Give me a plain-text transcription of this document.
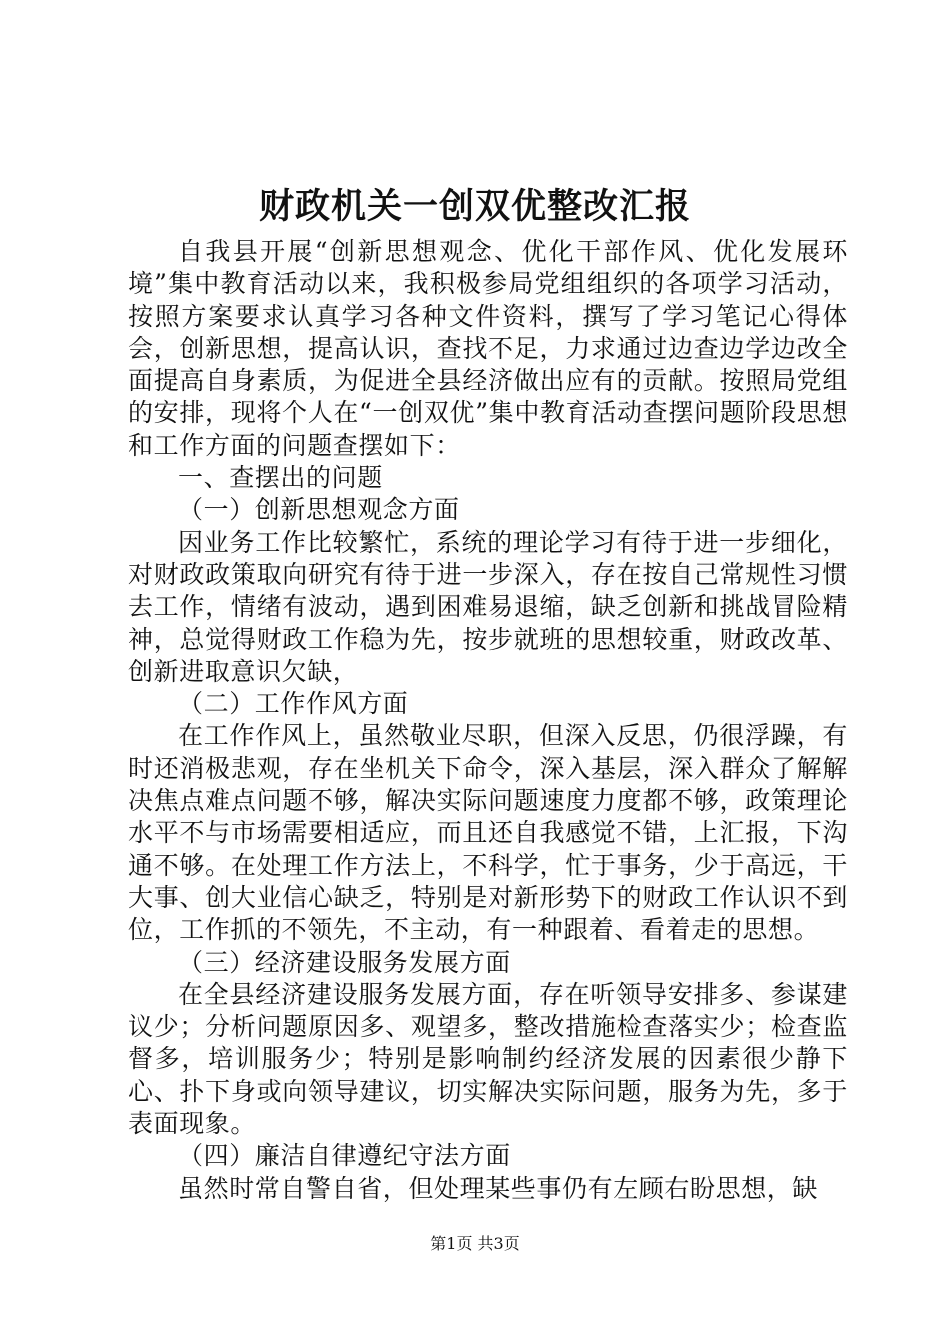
财政机关一创双优整改汇报

自我县开展“创新思想观念、优化干部作风、优化发展环境”集中教育活动以来，我积极参局党组组织的各项学习活动，按照方案要求认真学习各种文件资料，撰写了学习笔记心得体会，创新思想，提高认识，查找不足，力求通过边查边学边改全面提高自身素质，为促进全县经济做出应有的贡献。按照局党组的安排，现将个人在“一创双优”集中教育活动查摆问题阶段思想和工作方面的问题查摆如下：

一、查摆出的问题

（一）创新思想观念方面

因业务工作比较繁忙，系统的理论学习有待于进一步细化，对财政政策取向研究有待于进一步深入，存在按自己常规性习惯去工作，情绪有波动，遇到困难易退缩，缺乏创新和挑战冒险精神，总觉得财政工作稳为先，按步就班的思想较重，财政改革、创新进取意识欠缺，

（二）工作作风方面

在工作作风上，虽然敬业尽职，但深入反思，仍很浮躁，有时还消极悲观，存在坐机关下命令，深入基层，深入群众了解解决焦点难点问题不够，解决实际问题速度力度都不够，政策理论水平不与市场需要相适应，而且还自我感觉不错，上汇报，下沟通不够。在处理工作方法上，不科学，忙于事务，少于高远，干大事、创大业信心缺乏，特别是对新形势下的财政工作认识不到位，工作抓的不领先，不主动，有一种跟着、看着走的思想。

（三）经济建设服务发展方面

在全县经济建设服务发展方面，存在听领导安排多、参谋建议少；分析问题原因多、观望多，整改措施检查落实少；检查监督多，培训服务少；特别是影响制约经济发展的因素很少静下心、扑下身或向领导建议，切实解决实际问题，服务为先，多于表面现象。

（四）廉洁自律遵纪守法方面

虽然时常自警自省，但处理某些事仍有左顾右盼思想，缺

第1页 共3页
